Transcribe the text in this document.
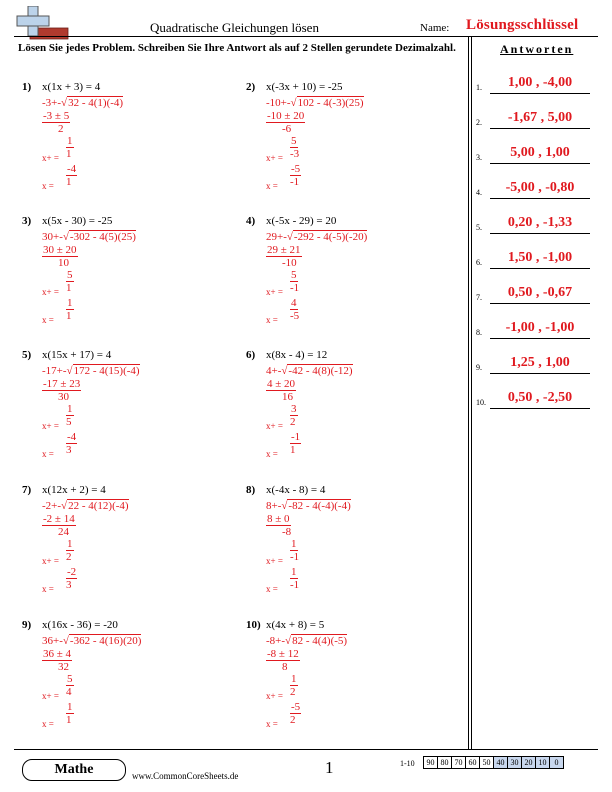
Quadratische Gleichungen lösen	Name: Lösungsschlüssel
Lösen Sie jedes Problem. Schreiben Sie Ihre Antwort als auf 2 Stellen gerundete Dezimalzahl.	Antworten
1.	1,00 , -4,00
2.	-1,67 , 5,00
3.	5,00 , 1,00
4.	-5,00 , -0,80
5.	0,20 , -1,33
6.	1,50 , -1,00
7.	0,50 , -0,67
8.	-1,00 , -1,00
9.	1,25 , 1,00
10.	0,50 , -2,50
1) x(1x + 3) = 4
-3+-√32 - 4(1)(-4)
-3 ± 5
2
x+ =
1
1
x =
-4
1
2) x(-3x + 10) = -25
-10+-√102 - 4(-3)(25)
-10 ± 20
-6
x+ =
5
-3
x =
-5
-1
3) x(5x - 30) = -25
30+-√-302 - 4(5)(25)
30 ± 20
10
x+ =
5
1
x =
1
1
4) x(-5x - 29) = 20
29+-√-292 - 4(-5)(-20)
29 ± 21
-10
x+ =
5
-1
x =
4
-5
5) x(15x + 17) = 4
-17+-√172 - 4(15)(-4)
-17 ± 23
30
x+ =
1
5
x =
-4
3
6) x(8x - 4) = 12
4+-√-42 - 4(8)(-12)
4 ± 20
16
x+ =
3
2
x =
-1
1
7) x(12x + 2) = 4
-2+-√22 - 4(12)(-4)
-2 ± 14
24
x+ =
1
2
x =
-2
3
8) x(-4x - 8) = 4
8+-√-82 - 4(-4)(-4)
8 ± 0
-8
x+ =
1
-1
x =
1
-1
9) x(16x - 36) = -20
36+-√-362 - 4(16)(20)
36 ± 4
32
x+ =
5
4
x =
1
1
10) x(4x + 8) = 5
-8+-√82 - 4(4)(-5)
-8 ± 12
8
x+ =
1
2
x =
-5
2
Mathe	www.CommonCoreSheets.de	1	1-10 90	80	70	60	50	40	30	20	10	0
